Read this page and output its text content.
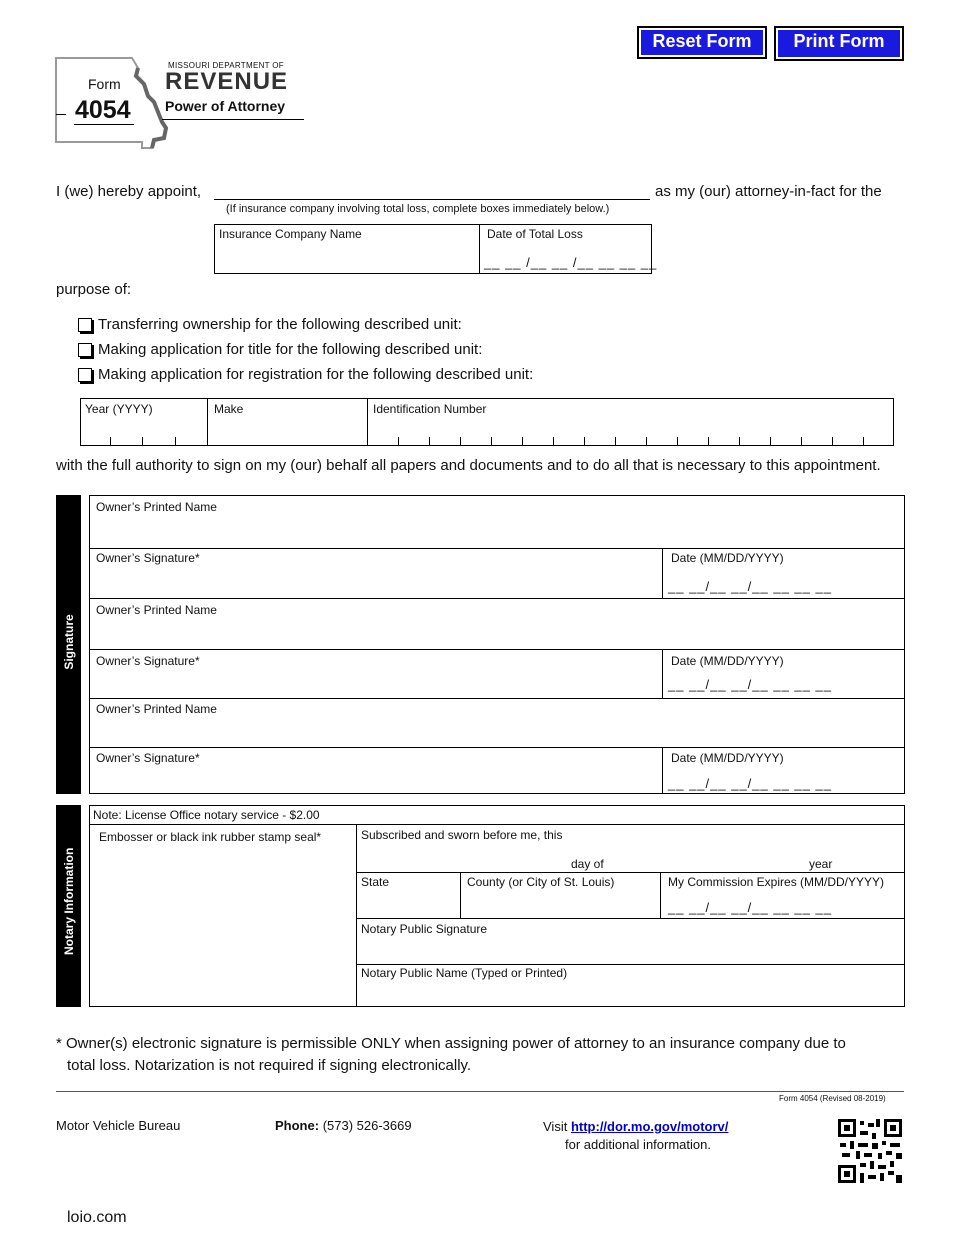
Reset Form	Print Form
Form
4054
MISSOURI DEPARTMENT OF
REVENUE
Power of Attorney
I (we) hereby appoint,	as my (our) attorney-in-fact for the
(If insurance company involving total loss, complete boxes immediately below.)
Insurance Company Name	Date of Total Loss
__ __ /__ __ /__ __ __ __
purpose of:
Transferring ownership for the following described unit:
Making application for title for the following described unit:
Making application for registration for the following described unit:
Year (YYYY)	Make	Identification Number
with the full authority to sign on my (our) behalf all papers and documents and to do all that is necessary to this appointment.
Signature
Owner’s Printed Name
Owner’s Signature*	Date (MM/DD/YYYY)
__ __/__ __/__ __ __ __
Owner’s Printed Name
Owner’s Signature*	Date (MM/DD/YYYY)
__ __/__ __/__ __ __ __
Owner’s Printed Name
Owner’s Signature*	Date (MM/DD/YYYY)
__ __/__ __/__ __ __ __
Notary Information
Note: License Office notary service - $2.00
Embosser or black ink rubber stamp seal*	Subscribed and sworn before me, this
day of	year
State	County (or City of St. Louis)	My Commission Expires (MM/DD/YYYY)
__ __/__ __/__ __ __ __
Notary Public Signature
Notary Public Name (Typed or Printed)
* Owner(s) electronic signature is permissible ONLY when assigning power of attorney to an insurance company due to
total loss. Notarization is not required if signing electronically.
Form 4054 (Revised 08-2019)
Motor Vehicle Bureau	Phone: (573) 526-3669	Visit http://dor.mo.gov/motorv/
for additional information.
loio.com
